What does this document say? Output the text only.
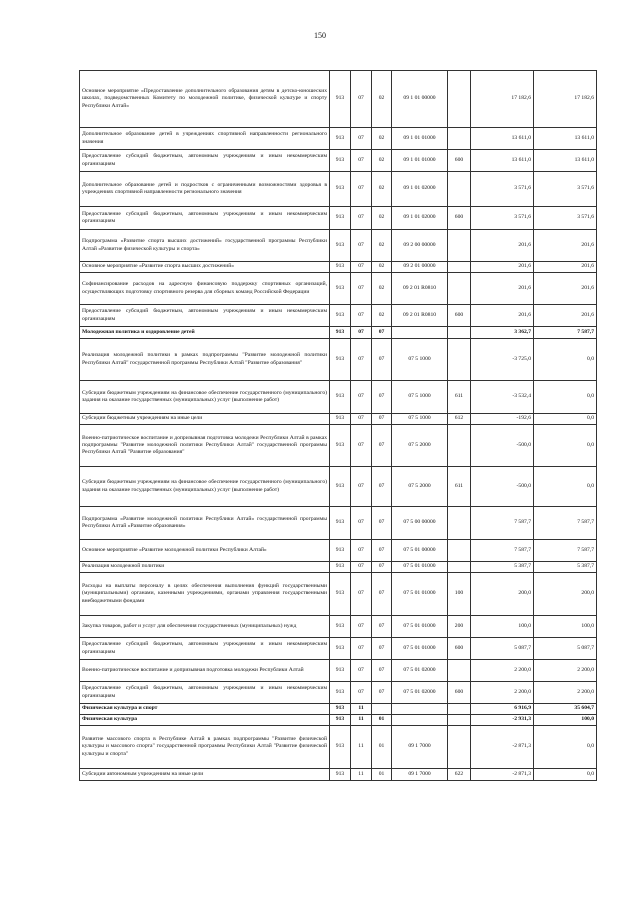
150
Основное мероприятие «Предоставление дополнительного образования детям в детско-юношеских школах, подведомственных Комитету по молодежной политике, физической культуре и спорту Республики Алтай»	913	07	02	09 1 01 00000		17 182,6	17 182,6
Дополнительное образование детей в учреждениях спортивной направленности регионального значения	913	07	02	09 1 01 01000		13 611,0	13 611,0
Предоставление субсидий бюджетным, автономным учреждениям и иным некоммерческим организациям	913	07	02	09 1 01 01000	600	13 611,0	13 611,0
Дополнительное образование детей и подростков с ограниченными возможностями здоровья в учреждениях спортивной направленности регионального значения	913	07	02	09 1 01 02000		3 571,6	3 571,6
Предоставление субсидий бюджетным, автономным учреждениям и иным некоммерческим организациям	913	07	02	09 1 01 02000	600	3 571,6	3 571,6
Подпрограмма «Развитие спорта высших достижений» государственной программы Республики Алтай «Развитие физической культуры и спорта»	913	07	02	09 2 00 00000		201,6	201,6
Основное мероприятие «Развитие спорта высших достижений»	913	07	02	09 2 01 00000		201,6	201,6
Софинансирование расходов на адресную финансовую поддержку спортивных организаций, осуществляющих подготовку спортивного резерва для сборных команд Российской Федерации	913	07	02	09 2 01 R0810		201,6	201,6
Предоставление субсидий бюджетным, автономным учреждениям и иным некоммерческим организациям	913	07	02	09 2 01 R0810	600	201,6	201,6
Молодежная политика и оздоровление детей	913	07	07			3 362,7	7 587,7
Реализация молодежной политики в рамках подпрограммы "Развитие молодежной политики Республики Алтай" государственной программы Республики Алтай "Развитие образования"	913	07	07	07 5 1000		-3 725,0	0,0
Субсидии бюджетным учреждениям на финансовое обеспечение государственного (муниципального) задания на оказание государственных (муниципальных) услуг (выполнение работ)	913	07	07	07 5 1000	611	-3 532,4	0,0
Субсидии бюджетным учреждениям на иные цели	913	07	07	07 5 1000	612	-192,6	0,0
Военно-патриотическое воспитание и допризывная подготовка молодежи Республики Алтай в рамках подпрограммы "Развитие молодежной политики Республики Алтай" государственной программы Республики Алтай "Развитие образования"	913	07	07	07 5 2000		-500,0	0,0
Субсидии бюджетным учреждениям на финансовое обеспечение государственного (муниципального) задания на оказание государственных (муниципальных) услуг (выполнение работ)	913	07	07	07 5 2000	611	-500,0	0,0
Подпрограмма «Развитие молодежной политики Республики Алтай» государственной программы Республики Алтай «Развитие образования»	913	07	07	07 5 00 00000		7 587,7	7 587,7
Основное мероприятие «Развитие молодежной политики Республики Алтай»	913	07	07	07 5 01 00000		7 587,7	7 587,7
Реализация молодежной политики	913	07	07	07 5 01 01000		5 387,7	5 387,7
Расходы на выплаты персоналу в целях обеспечения выполнения функций государственными (муниципальными) органами, казенными учреждениями, органами управления государственными внебюджетными фондами	913	07	07	07 5 01 01000	100	200,0	200,0
Закупка товаров, работ и услуг для обеспечения государственных (муниципальных) нужд	913	07	07	07 5 01 01000	200	100,0	100,0
Предоставление субсидий бюджетным, автономным учреждениям и иным некоммерческим организациям	913	07	07	07 5 01 01000	600	5 087,7	5 087,7
Военно-патриотическое воспитание и допризывная подготовка молодежи Республики Алтай	913	07	07	07 5 01 02000		2 200,0	2 200,0
Предоставление субсидий бюджетным, автономным учреждениям и иным некоммерческим организациям	913	07	07	07 5 01 02000	600	2 200,0	2 200,0
Физическая культура и спорт	913	11				6 916,9	35 604,7
Физическая культура	913	11	01			-2 931,3	100,0
Развитие массового спорта в Республике Алтай в рамках подпрограммы "Развитие физической культуры и массового спорта" государственной программы Республики Алтай "Развитие физической культуры и спорта"	913	11	01	09 1 7000		-2 871,3	0,0
Субсидии автономным учреждениям на иные цели	913	11	01	09 1 7000	622	-2 871,3	0,0
